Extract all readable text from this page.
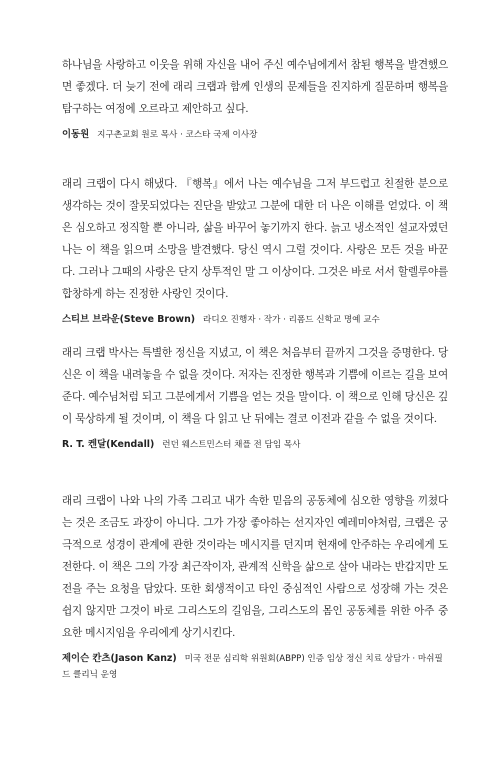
하나님을 사랑하고 이웃을 위해 자신을 내어 주신 예수님에게서 참된 행복을 발견했으면 좋겠다. 더 늦기 전에 래리 크랩과 함께 인생의 문제들을 진지하게 질문하며 행복을 탐구하는 여정에 오르라고 제안하고 싶다.

이동원 지구촌교회 원로 목사 · 코스타 국제 이사장

래리 크랩이 다시 해냈다. 『행복』에서 나는 예수님을 그저 부드럽고 친절한 분으로 생각하는 것이 잘못되었다는 진단을 받았고 그분에 대한 더 나은 이해를 얻었다. 이 책은 심오하고 정직할 뿐 아니라, 삶을 바꾸어 놓기까지 한다. 늙고 냉소적인 설교자였던 나는 이 책을 읽으며 소망을 발견했다. 당신 역시 그럴 것이다. 사랑은 모든 것을 바꾼다. 그러나 그때의 사랑은 단지 상투적인 말 그 이상이다. 그것은 바로 서서 할렐루야를 합창하게 하는 진정한 사랑인 것이다.

스티브 브라운(Steve Brown) 라디오 진행자 · 작가 · 리폼드 신학교 명예 교수

래리 크랩 박사는 특별한 정신을 지녔고, 이 책은 처음부터 끝까지 그것을 증명한다. 당신은 이 책을 내려놓을 수 없을 것이다. 저자는 진정한 행복과 기쁨에 이르는 길을 보여 준다. 예수님처럼 되고 그분에게서 기쁨을 얻는 것을 말이다. 이 책으로 인해 당신은 깊이 묵상하게 될 것이며, 이 책을 다 읽고 난 뒤에는 결코 이전과 같을 수 없을 것이다.

R. T. 켄달(Kendall) 런던 웨스트민스터 채플 전 담임 목사

래리 크랩이 나와 나의 가족 그리고 내가 속한 믿음의 공동체에 심오한 영향을 끼쳤다는 것은 조금도 과장이 아니다. 그가 가장 좋아하는 선지자인 예레미야처럼, 크랩은 궁극적으로 성경이 관계에 관한 것이라는 메시지를 던지며 현재에 안주하는 우리에게 도전한다. 이 책은 그의 가장 최근작이자, 관계적 신학을 삶으로 살아 내라는 반갑지만 도전을 주는 요청을 담았다. 또한 회생적이고 타인 중심적인 사람으로 성장해 가는 것은 쉽지 않지만 그것이 바로 그리스도의 길임을, 그리스도의 몸인 공동체를 위한 아주 중요한 메시지임을 우리에게 상기시킨다.

제이슨 칸츠(Jason Kanz) 미국 전문 심리학 위원회(ABPP) 인증 임상 정신 치료 상담가 · 마쉬필드 클리닉 운영
